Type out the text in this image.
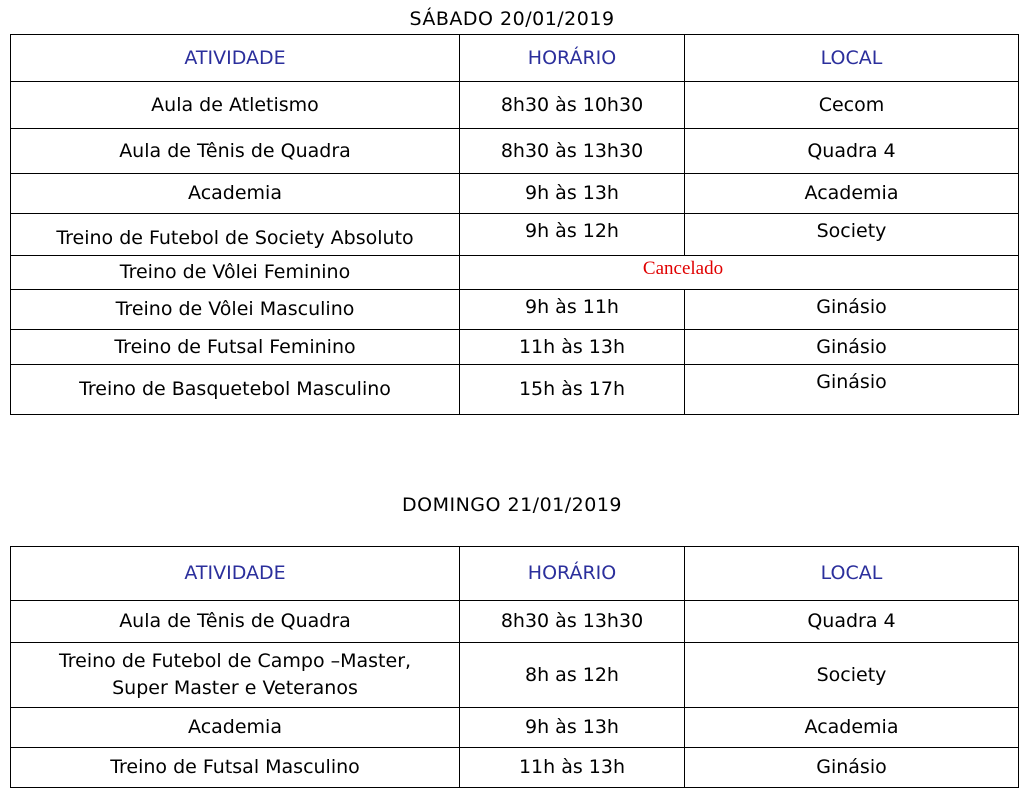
SÁBADO 20/01/2019
ATIVIDADE	HORÁRIO	LOCAL
Aula de Atletismo	8h30 às 10h30	Cecom
Aula de Tênis de Quadra	8h30 às 13h30	Quadra 4
Academia	9h às 13h	Academia
Treino de Futebol de Society Absoluto	9h às 12h	Society
Treino de Vôlei Feminino	Cancelado	
Treino de Vôlei Masculino	9h às 11h	Ginásio
Treino de Futsal Feminino	11h às 13h	Ginásio
Treino de Basquetebol Masculino	15h às 17h	Ginásio
DOMINGO 21/01/2019
ATIVIDADE	HORÁRIO	LOCAL
Aula de Tênis de Quadra	8h30 às 13h30	Quadra 4

Treino de Futebol de Campo –Master,
Super Master e Veteranos	8h as 12h	Society
Academia	9h às 13h	Academia
Treino de Futsal Masculino	11h às 13h	Ginásio
